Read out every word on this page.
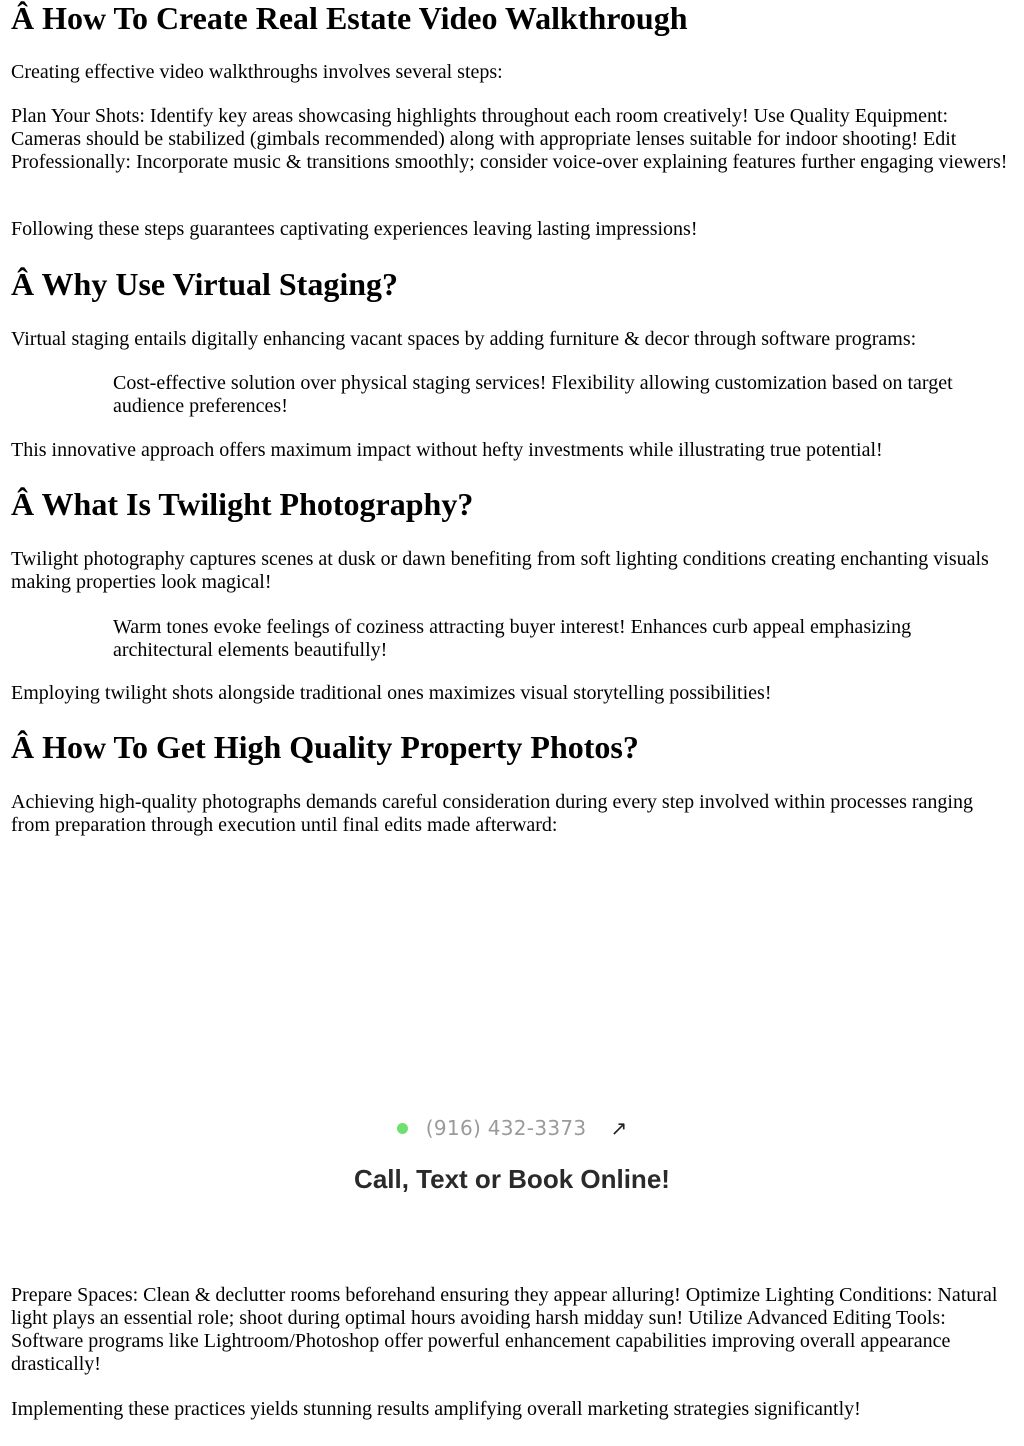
Â How To Create Real Estate Video Walkthrough

Creating effective video walkthroughs involves several steps:

Plan Your Shots: Identify key areas showcasing highlights throughout each room creatively! Use Quality Equipment: Cameras should be stabilized (gimbals recommended) along with appropriate lenses suitable for indoor shooting! Edit Professionally: Incorporate music & transitions smoothly; consider voice-over explaining features further engaging viewers!

Following these steps guarantees captivating experiences leaving lasting impressions!

Â Why Use Virtual Staging?

Virtual staging entails digitally enhancing vacant spaces by adding furniture & decor through software programs:

Cost-effective solution over physical staging services! Flexibility allowing customization based on target audience preferences!

This innovative approach offers maximum impact without hefty investments while illustrating true potential!

Â What Is Twilight Photography?

Twilight photography captures scenes at dusk or dawn benefiting from soft lighting conditions creating enchanting visuals making properties look magical!

Warm tones evoke feelings of coziness attracting buyer interest! Enhances curb appeal emphasizing architectural elements beautifully!

Employing twilight shots alongside traditional ones maximizes visual storytelling possibilities!

Â How To Get High Quality Property Photos?

Achieving high-quality photographs demands careful consideration during every step involved within processes ranging from preparation through execution until final edits made afterward:

(916) 432-3373 ↗
Call, Text or Book Online!

Prepare Spaces: Clean & declutter rooms beforehand ensuring they appear alluring! Optimize Lighting Conditions: Natural light plays an essential role; shoot during optimal hours avoiding harsh midday sun! Utilize Advanced Editing Tools: Software programs like Lightroom/Photoshop offer powerful enhancement capabilities improving overall appearance drastically!

Implementing these practices yields stunning results amplifying overall marketing strategies significantly!
